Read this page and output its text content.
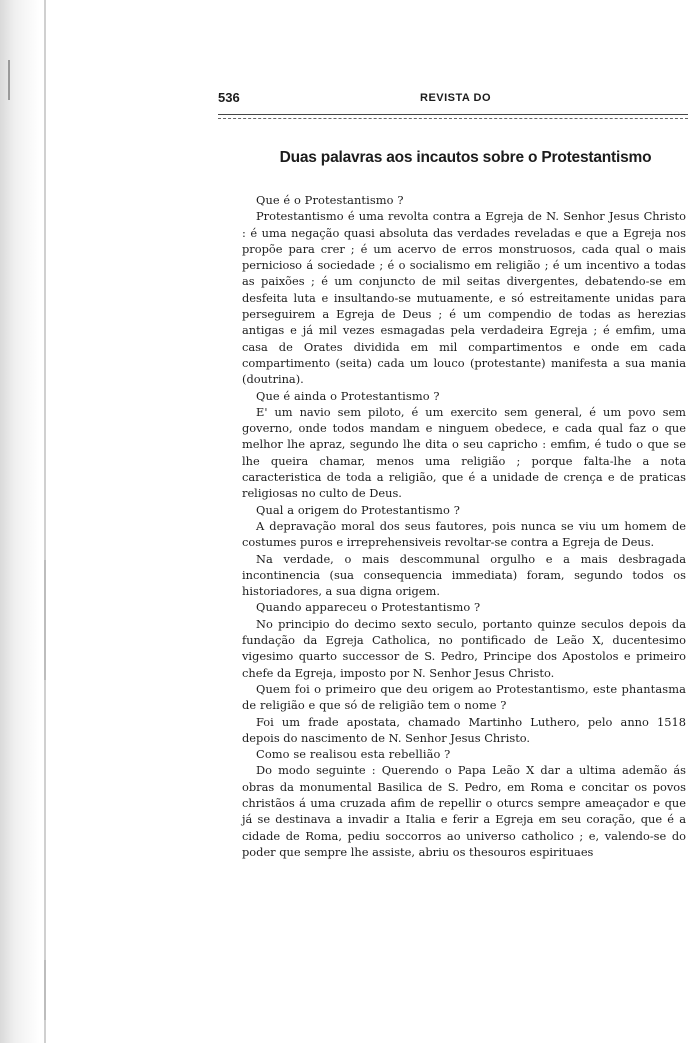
536	REVISTA DO
Duas palavras aos incautos sobre o Protestantismo

Que é o Protestantismo ?

Protestantismo é uma revolta contra a Egreja de N. Senhor Jesus Christo : é uma negação quasi absoluta das verdades reveladas e que a Egreja nos propõe para crer ; é um acervo de erros monstruosos, cada qual o mais pernicioso á sociedade ; é o socialismo em religião ; é um incentivo a todas as paixões ; é um conjuncto de mil seitas divergentes, debatendo-se em desfeita luta e insultando-se mutuamente, e só estreitamente unidas para perseguirem a Egreja de Deus ; é um compendio de todas as herezias antigas e já mil vezes esmagadas pela verdadeira Egreja ; é emfim, uma casa de Orates dividida em mil compartimentos e onde em cada compartimento (seita) cada um louco (protestante) manifesta a sua mania (doutrina).

Que é ainda o Protestantismo ?

E' um navio sem piloto, é um exercito sem general, é um povo sem governo, onde todos mandam e ninguem obedece, e cada qual faz o que melhor lhe apraz, segundo lhe dita o seu capricho : emfim, é tudo o que se lhe queira chamar, menos uma religião ; porque falta-lhe a nota caracteristica de toda a religião, que é a unidade de crença e de praticas religiosas no culto de Deus.

Qual a origem do Protestantismo ?

A depravação moral dos seus fautores, pois nunca se viu um homem de costumes puros e irreprehensiveis revoltar-se contra a Egreja de Deus.

Na verdade, o mais descommunal orgulho e a mais desbragada incontinencia (sua consequencia immediata) foram, segundo todos os historiadores, a sua digna origem.

Quando appareceu o Protestantismo ?

No principio do decimo sexto seculo, portanto quinze seculos depois da fundação da Egreja Catholica, no pontificado de Leão X, ducentesimo vigesimo quarto successor de S. Pedro, Principe dos Apostolos e primeiro chefe da Egreja, imposto por N. Senhor Jesus Christo.

Quem foi o primeiro que deu origem ao Protestantismo, este phantasma de religião e que só de religião tem o nome ?

Foi um frade apostata, chamado Martinho Luthero, pelo anno 1518 depois do nascimento de N. Senhor Jesus Christo.

Como se realisou esta rebellião ?

Do modo seguinte : Querendo o Papa Leão X dar a ultima ademão ás obras da monumental Basilica de S. Pedro, em Roma e concitar os povos christãos á uma cruzada afim de repellir o oturcs sempre ameaçador e que já se destinava a invadir a Italia e ferir a Egreja em seu coração, que é a cidade de Roma, pediu soccorros ao universo catholico ; e, valendo-se do poder que sempre lhe assiste, abriu os thesouros espirituaes
